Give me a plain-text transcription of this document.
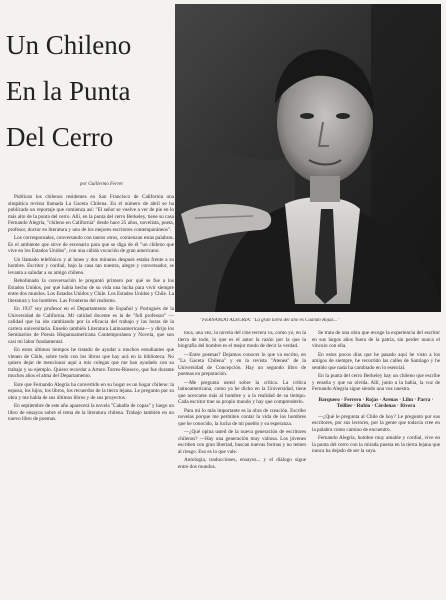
Un Chileno
En la Punta
Del Cerro
por Guillermo Ferret
"FERNANDO ALEGRIA: "La gran tarea del año es Cuando Rojas..."

Publican los chilenos residentes en San Francisco de California una simpática revista llamada La Gaceta Chilena. En el número de abril se ha publicado un reportaje que comienza así: "El señor se vuelve a ver de pie en lo más alto de la punta del cerro. Allí, en la punta del cerro Berkeley, tiene su casa Fernando Alegría, "chileno en California" desde hace 25 años, novelista, poeta, profesor, doctor en literatura y uno de los mejores escritores contemporáneos".

Los corresponsales, conversando con tantos otros, comienzan estas palabras. Es el ambiente que sirve de escenario para que se diga de él "un chileno que vive en los Estados Unidos", con una cálida vocación de gran americano.

Un llamado telefónico y al lunes y dos minutos después estaba frente a su hombre. Escritor y cordial, bajo la casa tan nuestra, alegre y conversador, se levanta a saludar a su amigo chileno.

Rebobinado la conversación le preguntó primero por qué se fue a los Estados Unidos, por qué había hecho de su vida una lucha para vivir siempre entre dos mundos. Los Estados Unidos y Chile. Los Estados Unidos y Chile. La literatura y los hombres. Las Fronteras del realismo.

En 1937 soy profesor en el Departamento de Español y Portugués de la Universidad de California. Mi calidad docente es la de "full professor" —calidad que ha ido cambiando por la eficacia del trabajo y las horas de la carrera universitaria. Enseño también Literatura Latinoamericana— y dirijo los Seminarios de Poesía Hispanoamericana Contemporánea y Novela, que son casi mi labor fundamental.

En estos últimos tiempos he tratado de ayudar a muchos estudiantes que vienen de Chile, sobre todo con los libros que hay acá en la biblioteca. No quiero dejar de mencionar aquí a mis colegas que me han ayudado con su trabajo y su ejemplo. Quiero recordar a Arturo Torres-Rioseco, que fue durante muchos años el alma del Departamento.

Este que Fernando Alegría ha convertido en su hogar es un hogar chileno: la esposa, los hijos, los libros, los recuerdos de la tierra lejana. Le pregunto por su obra y me habla de sus últimos libros y de sus proyectos.

En septiembre de este año aparecerá la novela "Caballo de copas" y luego un libro de ensayos sobre el tema de la literatura chilena. Trabajo también en un nuevo libro de poemas.

toca, una vez, la novela del cine tercera va, como yo, en la tierra de todo, lo que es el autor la razón por la que la biografía del hombre es el mejor modo de decir la verdad.

—Entre poemas? Dejamos conocer lo que va escrito, en "La Gaceta Chilena" y en la revista "Atenea" de la Universidad de Concepción. Hay un segundo libro de poemas en preparación.

—Me pregunta usted sobre la crítica. La crítica latinoamericana, como ya he dicho en la Universidad, tiene que acercarse más al hombre y a la realidad de su tiempo. Cada escritor trae su propio mundo y hay que comprenderlo.

Para mí lo más importante es la obra de creación. Escribo novelas porque me permiten contar la vida de los hombres que he conocido, la lucha de mi pueblo y su esperanza.

—¿Qué opina usted de la nueva generación de escritores chilenos? —Hay una generación muy valiosa. Los jóvenes escriben con gran libertad, buscan nuevas formas y no temen al riesgo. Eso es lo que vale.

Antología, traducciones, ensayos... y el diálogo sigue entre dos mundos.

Se trata de una obra que recoge la experiencia del escritor en sus largos años fuera de la patria, sin perder nunca el vínculo con ella.

En estos pocos días que he pasado aquí he visto a los amigos de siempre, he recorrido las calles de Santiago y he sentido que nada ha cambiado en lo esencial.

En la punta del cerro Berkeley hay un chileno que escribe y enseña y que no olvida. Allí, junto a la bahía, la voz de Fernando Alegría sigue siendo una voz nuestra.

Barquero · Ferrero · Rojas · Arenas · Lihn · Parra · Teillier · Rubio · Cárdenas · Rivera

—¿Qué le pregunta al Chile de hoy? Le pregunto por sus escritores, por sus lectores, por la gente que todavía cree en la palabra como camino de encuentro.

Fernando Alegría, hombre muy amable y cordial, vive en la punta del cerro con la mirada puesta en la tierra lejana que nunca ha dejado de ser la suya.
